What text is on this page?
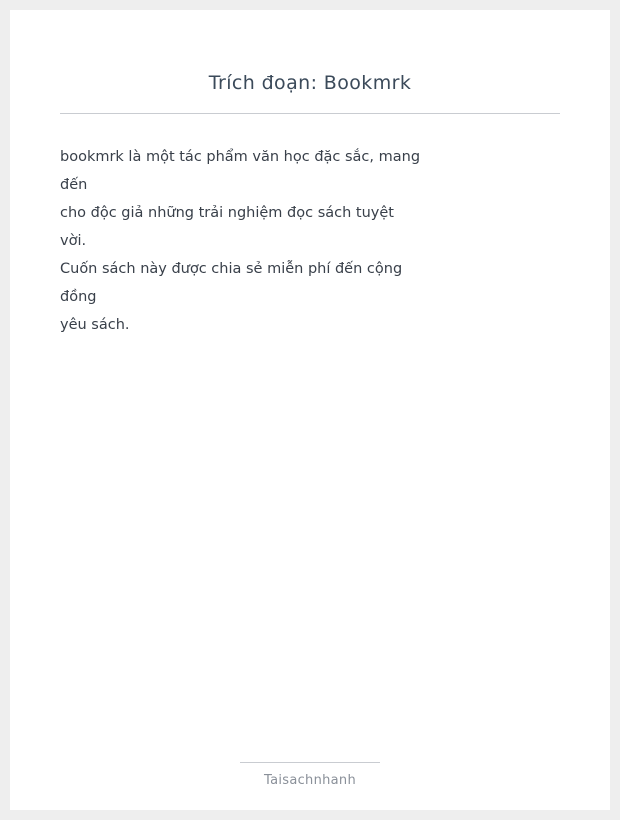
Trích đoạn: Bookmrk
bookmrk là một tác phẩm văn học đặc sắc, mang
đến
cho độc giả những trải nghiệm đọc sách tuyệt
vời.
Cuốn sách này được chia sẻ miễn phí đến cộng
đồng
yêu sách.
Taisachnhanh
